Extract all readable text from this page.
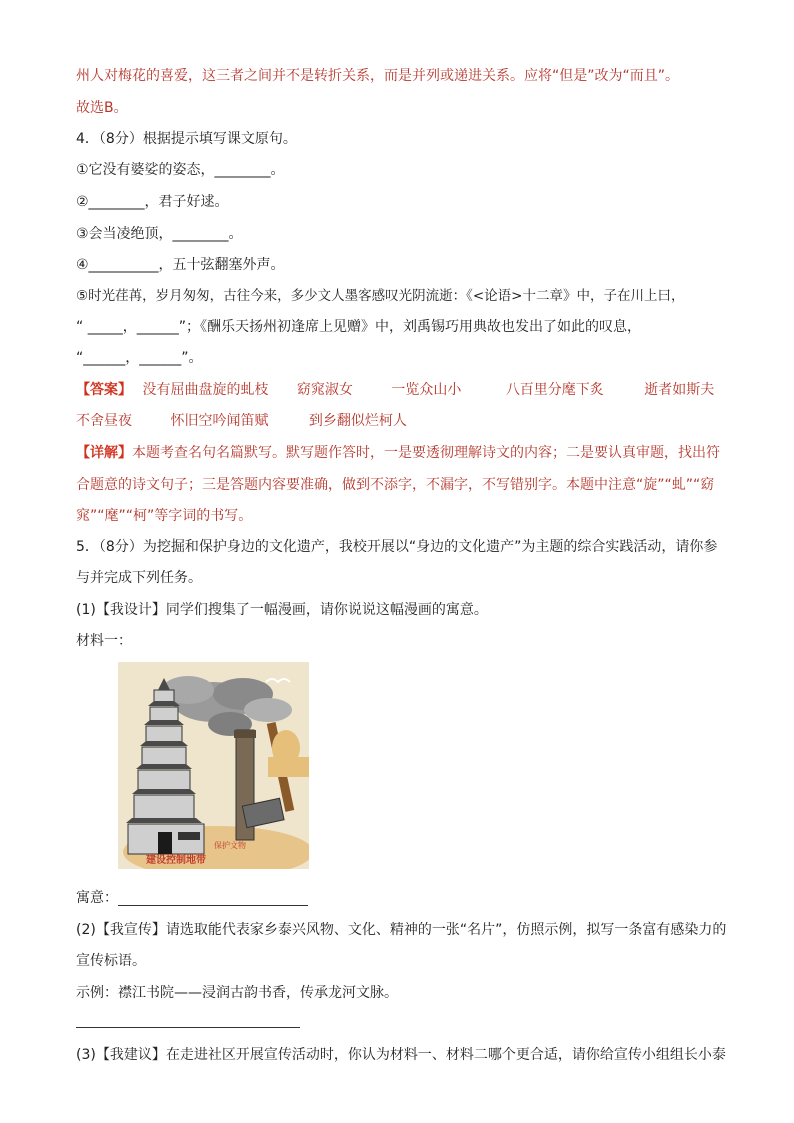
州人对梅花的喜爱，这三者之间并不是转折关系，而是并列或递进关系。应将“但是”改为“而且”。
故选B。
4．（8分）根据提示填写课文原句。
①它没有婆娑的姿态，________。
②________，君子好逑。
③会当凌绝顶，________。
④__________，五十弦翻塞外声。
⑤时光荏苒，岁月匆匆，古往今来，多少文人墨客感叹光阴流逝：《<论语>十二章》中，子在川上曰，
“ _____，______”；《酬乐天扬州初逢席上见赠》中，刘禹锡巧用典故也发出了如此的叹息，
“______，______”。
【答案】 没有屈曲盘旋的虬枝 窈窕淑女	一览众山小	八百里分麾下炙	逝者如斯夫
不舍昼夜	怀旧空吟闻笛赋	到乡翻似烂柯人
【详解】本题考查名句名篇默写。默写题作答时，一是要透彻理解诗文的内容；二是要认真审题，找出符
合题意的诗文句子；三是答题内容要准确，做到不添字，不漏字，不写错别字。本题中注意“旋”“虬”“窈
窕”“麾”“柯”等字词的书写。
5．（8分）为挖掘和保护身边的文化遗产，我校开展以“身边的文化遗产”为主题的综合实践活动，请你参
与并完成下列任务。
(1)【我设计】同学们搜集了一幅漫画，请你说说这幅漫画的寓意。
材料一：
保护文物
建设控制地带
寓意：
(2)【我宣传】请选取能代表家乡泰兴风物、文化、精神的一张“名片”，仿照示例，拟写一条富有感染力的
宣传标语。
示例：襟江书院——浸润古韵书香，传承龙河文脉。
(3)【我建议】在走进社区开展宣传活动时，你认为材料一、材料二哪个更合适，请你给宣传小组组长小泰
